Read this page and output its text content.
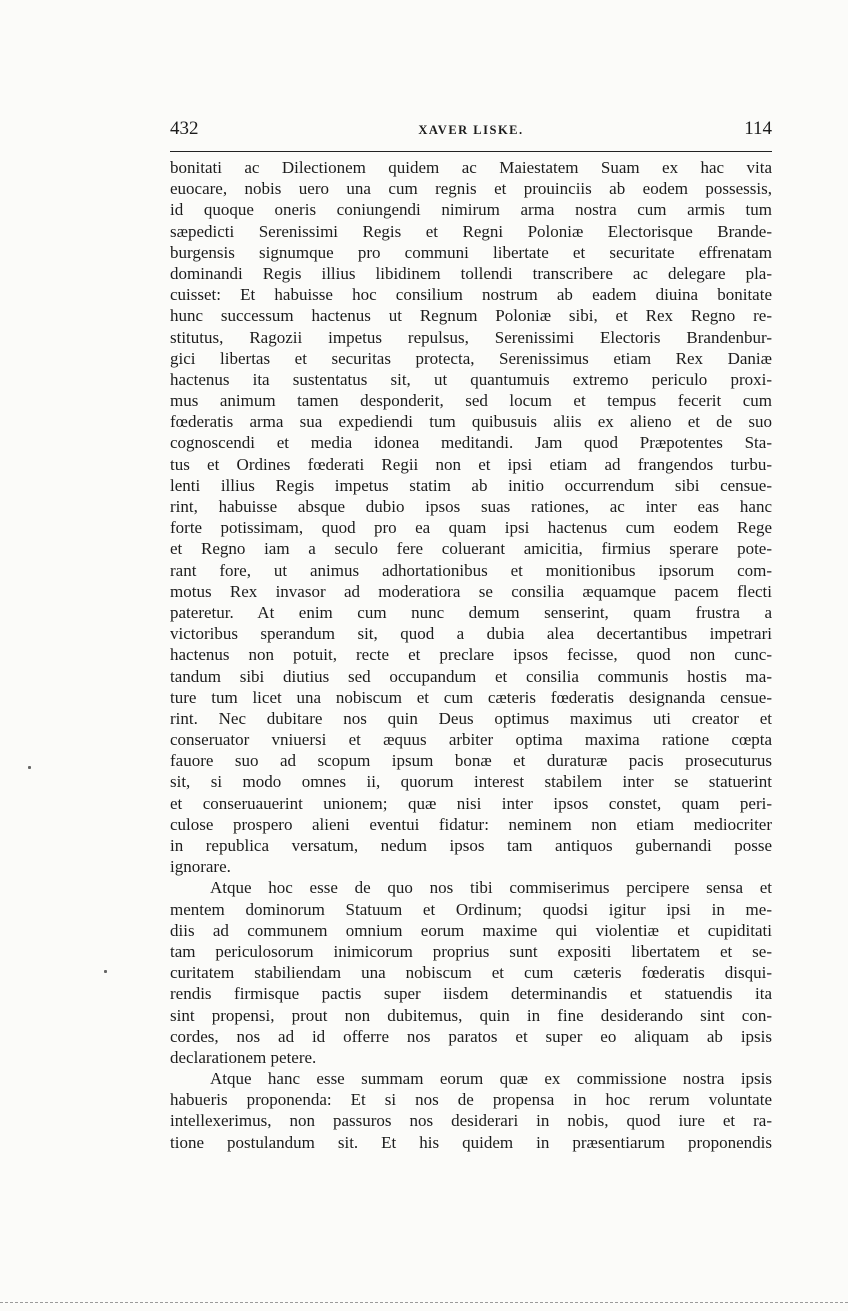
432	XAVER LISKE.	114
bonitati ac Dilectionem quidem ac Maiestatem Suam ex hac vita
euocare, nobis uero una cum regnis et prouinciis ab eodem possessis,
id quoque oneris coniungendi nimirum arma nostra cum armis tum
sæpedicti Serenissimi Regis et Regni Poloniæ Electorisque Brande-
burgensis signumque pro communi libertate et securitate effrenatam
dominandi Regis illius libidinem tollendi transcribere ac delegare pla-
cuisset: Et habuisse hoc consilium nostrum ab eadem diuina bonitate
hunc successum hactenus ut Regnum Poloniæ sibi, et Rex Regno re-
stitutus, Ragozii impetus repulsus, Serenissimi Electoris Brandenbur-
gici libertas et securitas protecta, Serenissimus etiam Rex Daniæ
hactenus ita sustentatus sit, ut quantumuis extremo periculo proxi-
mus animum tamen desponderit, sed locum et tempus fecerit cum
fœderatis arma sua expediendi tum quibusuis aliis ex alieno et de suo
cognoscendi et media idonea meditandi. Jam quod Præpotentes Sta-
tus et Ordines fœderati Regii non et ipsi etiam ad frangendos turbu-
lenti illius Regis impetus statim ab initio occurrendum sibi censue-
rint, habuisse absque dubio ipsos suas rationes, ac inter eas hanc
forte potissimam, quod pro ea quam ipsi hactenus cum eodem Rege
et Regno iam a seculo fere coluerant amicitia, firmius sperare pote-
rant fore, ut animus adhortationibus et monitionibus ipsorum com-
motus Rex invasor ad moderatiora se consilia æquamque pacem flecti
pateretur. At enim cum nunc demum senserint, quam frustra a
victoribus sperandum sit, quod a dubia alea decertantibus impetrari
hactenus non potuit, recte et preclare ipsos fecisse, quod non cunc-
tandum sibi diutius sed occupandum et consilia communis hostis ma-
ture tum licet una nobiscum et cum cæteris fœderatis designanda censue-
rint. Nec dubitare nos quin Deus optimus maximus uti creator et
conseruator vniuersi et æquus arbiter optima maxima ratione cœpta
fauore suo ad scopum ipsum bonæ et duraturæ pacis prosecuturus
sit, si modo omnes ii, quorum interest stabilem inter se statuerint
et conseruauerint unionem; quæ nisi inter ipsos constet, quam peri-
culose prospero alieni eventui fidatur: neminem non etiam mediocriter
in republica versatum, nedum ipsos tam antiquos gubernandi posse
ignorare.
Atque hoc esse de quo nos tibi commiserimus percipere sensa et
mentem dominorum Statuum et Ordinum; quodsi igitur ipsi in me-
diis ad communem omnium eorum maxime qui violentiæ et cupiditati
tam periculosorum inimicorum proprius sunt expositi libertatem et se-
curitatem stabiliendam una nobiscum et cum cæteris fœderatis disqui-
rendis firmisque pactis super iisdem determinandis et statuendis ita
sint propensi, prout non dubitemus, quin in fine desiderando sint con-
cordes, nos ad id offerre nos paratos et super eo aliquam ab ipsis
declarationem petere.
Atque hanc esse summam eorum quæ ex commissione nostra ipsis
habueris proponenda: Et si nos de propensa in hoc rerum voluntate
intellexerimus, non passuros nos desiderari in nobis, quod iure et ra-
tione postulandum sit. Et his quidem in præsentiarum proponendis
